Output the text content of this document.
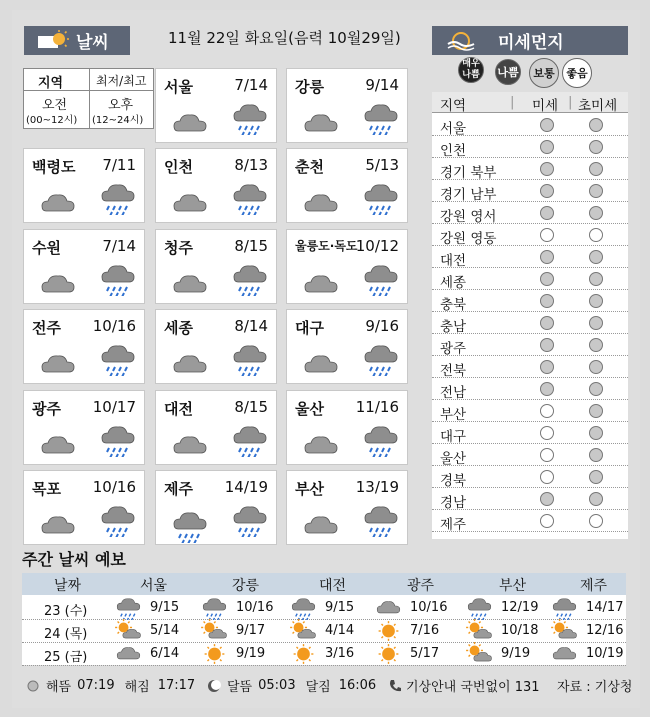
날씨	11월 22일 화요일(음력 10월29일)	미세먼지
지역	최저/최고
오전
(00~12시)
오후
(12~24시)
서울	7/14 강릉	9/14
백령도 7/11 인천	8/13 춘천	5/13
수원	7/14 청주	8/15 울릉도·독도
10/12
전주 10/16 세종	8/14 대구	9/16
광주 10/17 대전	8/15 울산 11/16
목포 10/16 제주 14/19 부산 13/19
매우나쁨	나쁨	보통	좋음
지역	| 미세 | 초미세
서울
인천
경기 북부
경기 남부
강원 영서
강원 영동
대전
세종
충북
충남
광주
전북
전남
부산
대구
울산
경북
경남
제주
주간 날씨 예보
날짜	서울	강릉	대전	광주	부산	제주
23 (수)	9/15	10/16	9/15	10/16	12/19	14/17
24 (목)	5/14	9/17	4/14	7/16	10/18	12/16
25 (금)	6/14	9/19	3/16	5/17	9/19	10/19
해뜸 07:19 해짐 17:17 달뜸 05:03 달짐 16:06 기상안내 국번없이 131 자료 : 기상청
